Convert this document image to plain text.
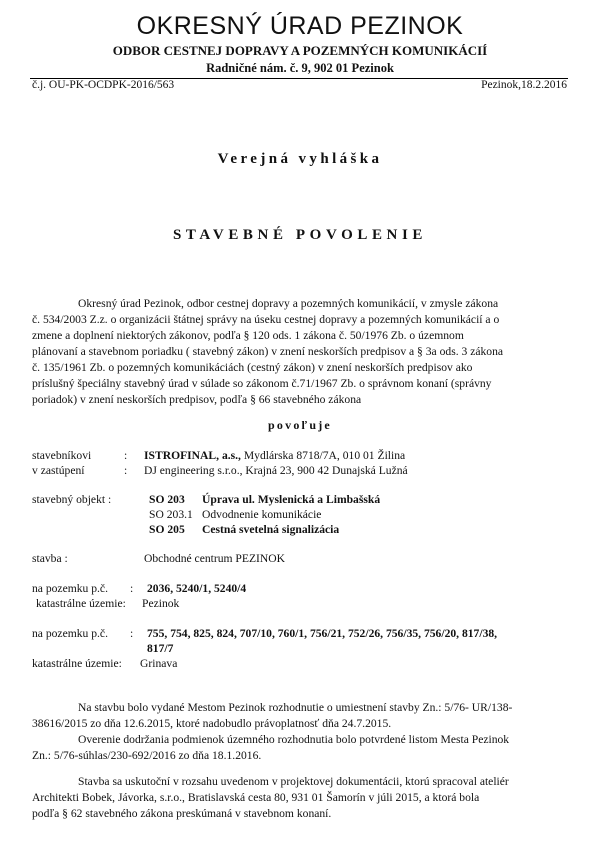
OKRESNÝ ÚRAD PEZINOK
ODBOR CESTNEJ DOPRAVY A POZEMNÝCH KOMUNIKÁCIÍ
Radničné nám. č. 9, 902 01 Pezinok
č.j. OU-PK-OCDPK-2016/563	Pezinok,18.2.2016
Verejná vyhláška
STAVEBNÉ POVOLENIE
Okresný úrad Pezinok, odbor cestnej dopravy a pozemných komunikácií, v zmysle zákona
č. 534/2003 Z.z. o organizácii štátnej správy na úseku cestnej dopravy a pozemných komunikácií a o
zmene a doplnení niektorých zákonov, podľa § 120 ods. 1 zákona č. 50/1976 Zb. o územnom
plánovaní a stavebnom poriadku ( stavebný zákon) v znení neskorších predpisov a § 3a ods. 3 zákona
č. 135/1961 Zb. o pozemných komunikáciách (cestný zákon) v znení neskorších predpisov ako
príslušný špeciálny stavebný úrad v súlade so zákonom č.71/1967 Zb. o správnom konaní (správny
poriadok) v znení neskorších predpisov, podľa § 66 stavebného zákona
povoľuje
stavebníkovi	: ISTROFINAL, a.s., Mydlárska 8718/7A, 010 01 Žilina
v zastúpení	: DJ engineering s.r.o., Krajná 23, 900 42 Dunajská Lužná
stavebný objekt :	SO 203 Úprava ul. Myslenická a Limbašská
SO 203.1 Odvodnenie komunikácie
SO 205 Cestná svetelná signalizácia
stavba :	Obchodné centrum PEZINOK
na pozemku p.č. : 2036, 5240/1, 5240/4
katastrálne územie: Pezinok
na pozemku p.č. : 755, 754, 825, 824, 707/10, 760/1, 756/21, 752/26, 756/35, 756/20, 817/38,
817/7
katastrálne územie: Grinava
Na stavbu bolo vydané Mestom Pezinok rozhodnutie o umiestnení stavby Zn.: 5/76- UR/138-
38616/2015 zo dňa 12.6.2015, ktoré nadobudlo právoplatnosť dňa 24.7.2015.
Overenie dodržania podmienok územného rozhodnutia bolo potvrdené listom Mesta Pezinok
Zn.: 5/76-súhlas/230-692/2016 zo dňa 18.1.2016.
Stavba sa uskutoční v rozsahu uvedenom v projektovej dokumentácii, ktorú spracoval ateliér
Architekti Bobek, Jávorka, s.r.o., Bratislavská cesta 80, 931 01 Šamorín v júli 2015, a ktorá bola
podľa § 62 stavebného zákona preskúmaná v stavebnom konaní.
